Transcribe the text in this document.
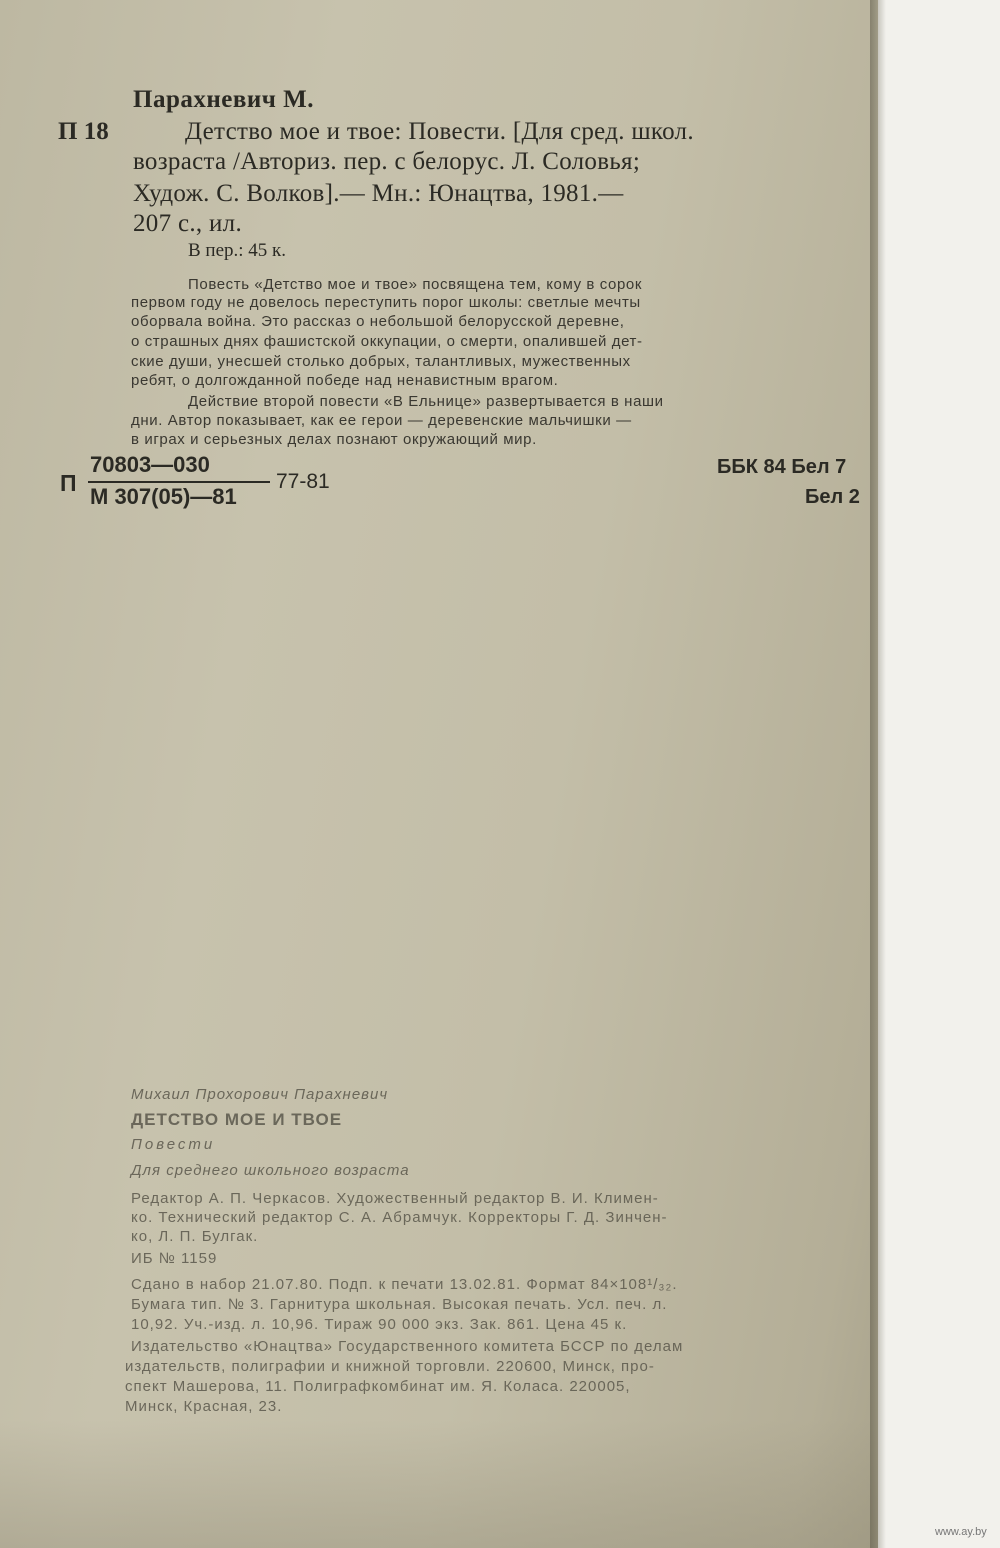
Парахневич М.
П 18	Детство мое и твое: Повести. [Для сред. школ.
возраста /Авториз. пер. с белорус. Л. Соловья;
Худож. С. Волков].— Мн.: Юнацтва, 1981.—
207 с., ил.
В пер.: 45 к.
Повесть «Детство мое и твое» посвящена тем, кому в сорок
первом году не довелось переступить порог школы: светлые мечты
оборвала война. Это рассказ о небольшой белорусской деревне,
о страшных днях фашистской оккупации, о смерти, опалившей дет-
ские души, унесшей столько добрых, талантливых, мужественных
ребят, о долгожданной победе над ненавистным врагом.
Действие второй повести «В Ельнице» развертывается в наши
дни. Автор показывает, как ее герои — деревенские мальчишки —
в играх и серьезных делах познают окружающий мир.
П
70803—030
М 307(05)—81
77-81
ББК 84 Бел 7
Бел 2
Михаил Прохорович Парахневич
ДЕТСТВО МОЕ И ТВОЕ
Повести
Для среднего школьного возраста
Редактор А. П. Черкасов. Художественный редактор В. И. Климен-
ко. Технический редактор С. А. Абрамчук. Корректоры Г. Д. Зинчен-
ко, Л. П. Булгак.
ИБ № 1159
Сдано в набор 21.07.80. Подп. к печати 13.02.81. Формат 84×108¹/₃₂.
Бумага тип. № 3. Гарнитура школьная. Высокая печать. Усл. печ. л.
10,92. Уч.-изд. л. 10,96. Тираж 90 000 экз. Зак. 861. Цена 45 к.
Издательство «Юнацтва» Государственного комитета БССР по делам
издательств, полиграфии и книжной торговли. 220600, Минск, про-
спект Машерова, 11. Полиграфкомбинат им. Я. Коласа. 220005,
Минск, Красная, 23.
www.ay.by
